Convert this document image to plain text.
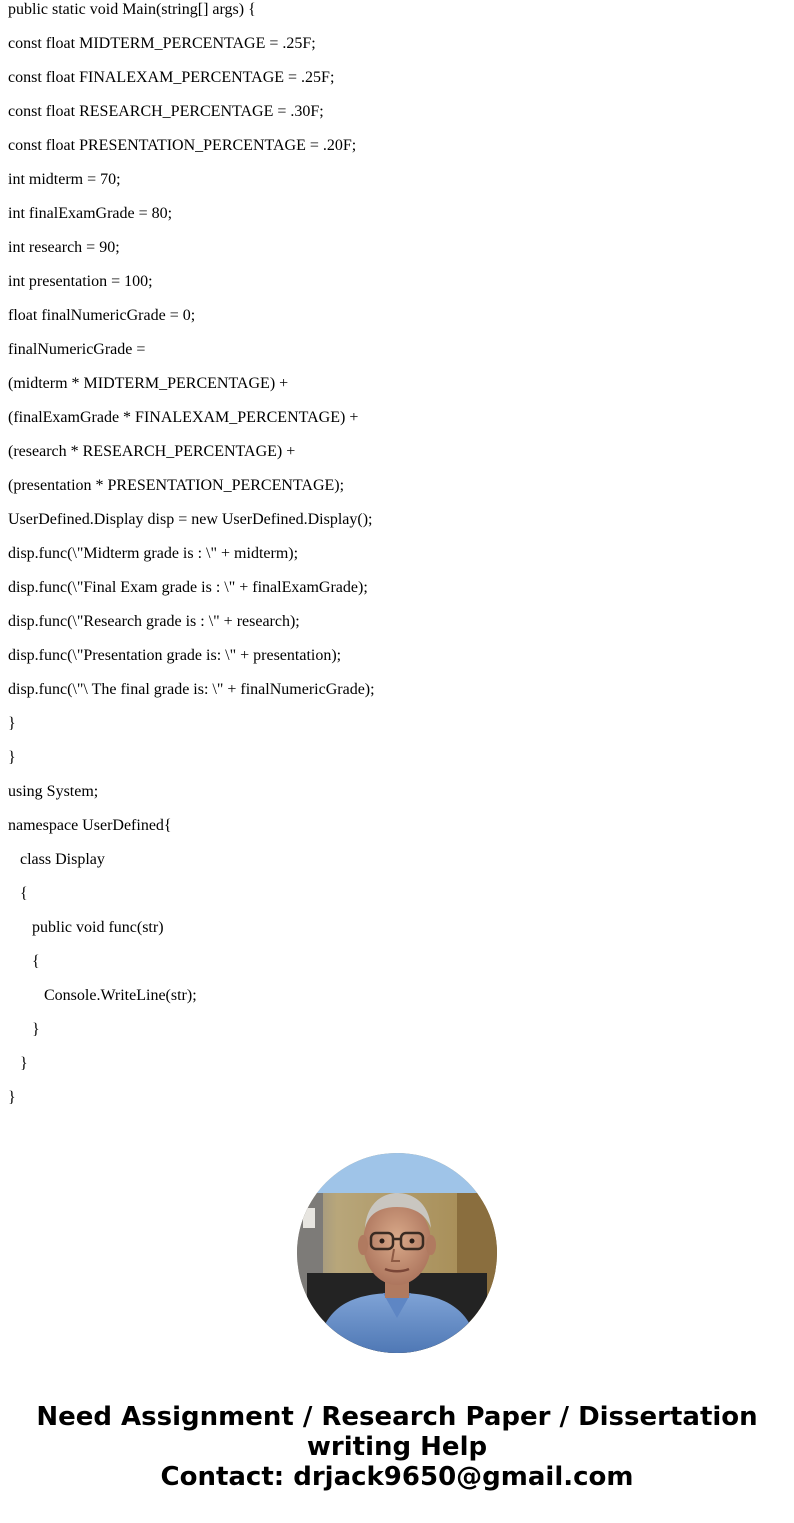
public static void Main(string[] args) {

const float MIDTERM_PERCENTAGE = .25F;

const float FINALEXAM_PERCENTAGE = .25F;

const float RESEARCH_PERCENTAGE = .30F;

const float PRESENTATION_PERCENTAGE = .20F;

int midterm = 70;

int finalExamGrade = 80;

int research = 90;

int presentation = 100;

float finalNumericGrade = 0;

finalNumericGrade =

(midterm * MIDTERM_PERCENTAGE) +

(finalExamGrade * FINALEXAM_PERCENTAGE) +

(research * RESEARCH_PERCENTAGE) +

(presentation * PRESENTATION_PERCENTAGE);

UserDefined.Display disp = new UserDefined.Display();

disp.func(\"Midterm grade is : \" + midterm);

disp.func(\"Final Exam grade is : \" + finalExamGrade);

disp.func(\"Research grade is : \" + research);

disp.func(\"Presentation grade is: \" + presentation);

disp.func(\"\ The final grade is: \" + finalNumericGrade);

}

}

using System;

namespace UserDefined{

class Display

{

public void func(str)

{

Console.WriteLine(str);

}

}

}

Need Assignment / Research Paper / Dissertation
writing Help
Contact: drjack9650@gmail.com
